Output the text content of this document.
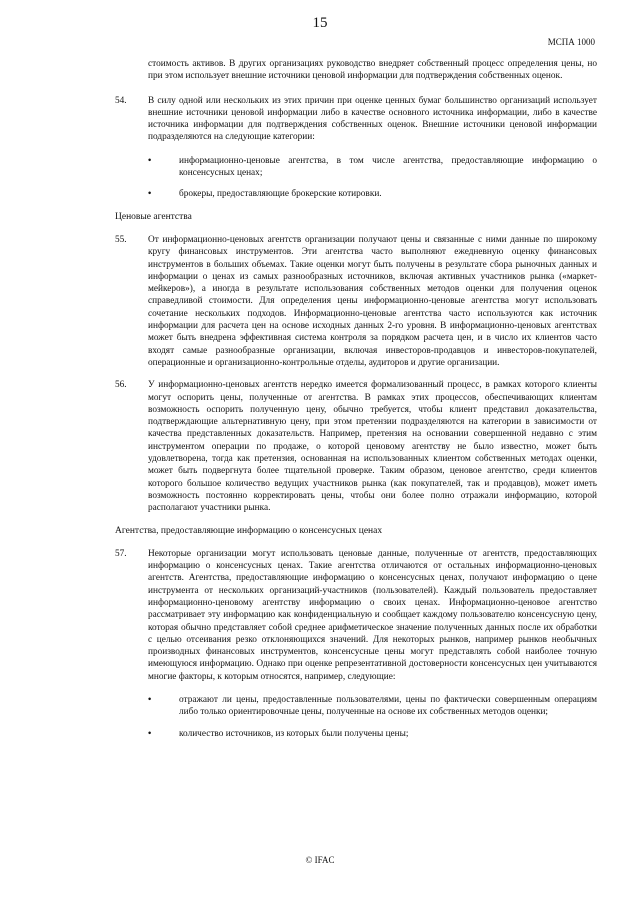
15
МСПА 1000

стоимость активов. В других организациях руководство внедряет собственный процесс определения цены, но при этом использует внешние источники ценовой информации для подтверждения собственных оценок.

54. В силу одной или нескольких из этих причин при оценке ценных бумаг большинство организаций использует внешние источники ценовой информации либо в качестве основного источника информации, либо в качестве источника информации для подтверждения собственных оценок. Внешние источники ценовой информации подразделяются на следующие категории:

•	информационно-ценовые агентства, в том числе агентства, предоставляющие информацию о консенсусных ценах;
•	брокеры, предоставляющие брокерские котировки.
Ценовые агентства
55. От информационно-ценовых агентств организации получают цены и связанные с ними данные по широкому кругу финансовых инструментов. Эти агентства часто выполняют ежедневную оценку финансовых инструментов в больших объемах. Такие оценки могут быть получены в результате сбора рыночных данных и информации о ценах из самых разнообразных источников, включая активных участников рынка («маркет-мейкеров»), а иногда в результате использования собственных методов оценки для получения оценок справедливой стоимости. Для определения цены информационно-ценовые агентства могут использовать сочетание нескольких подходов. Информационно-ценовые агентства часто используются как источник информации для расчета цен на основе исходных данных 2-го уровня. В информационно-ценовых агентствах может быть внедрена эффективная система контроля за порядком расчета цен, и в число их клиентов часто входят самые разнообразные организации, включая инвесторов-продавцов и инвесторов-покупателей, операционные и организационно-контрольные отделы, аудиторов и другие организации.

56. У информационно-ценовых агентств нередко имеется формализованный процесс, в рамках которого клиенты могут оспорить цены, полученные от агентства. В рамках этих процессов, обеспечивающих клиентам возможность оспорить полученную цену, обычно требуется, чтобы клиент представил доказательства, подтверждающие альтернативную цену, при этом претензии подразделяются на категории в зависимости от качества представленных доказательств. Например, претензия на основании совершенной недавно с этим инструментом операции по продаже, о которой ценовому агентству не было известно, может быть удовлетворена, тогда как претензия, основанная на использованных клиентом собственных методах оценки, может быть подвергнута более тщательной проверке. Таким образом, ценовое агентство, среди клиентов которого большое количество ведущих участников рынка (как покупателей, так и продавцов), может иметь возможность постоянно корректировать цены, чтобы они более полно отражали информацию, которой располагают участники рынка.

Агентства, предоставляющие информацию о консенсусных ценах
57. Некоторые организации могут использовать ценовые данные, полученные от агентств, предоставляющих информацию о консенсусных ценах. Такие агентства отличаются от остальных информационно-ценовых агентств. Агентства, предоставляющие информацию о консенсусных ценах, получают информацию о цене инструмента от нескольких организаций-участников (пользователей). Каждый пользователь предоставляет информационно-ценовому агентству информацию о своих ценах. Информационно-ценовое агентство рассматривает эту информацию как конфиденциальную и сообщает каждому пользователю консенсусную цену, которая обычно представляет собой среднее арифметическое значение полученных данных после их обработки с целью отсеивания резко отклоняющихся значений. Для некоторых рынков, например рынков необычных производных финансовых инструментов, консенсусные цены могут представлять собой наиболее точную имеющуюся информацию. Однако при оценке репрезентативной достоверности консенсусных цен учитываются многие факторы, к которым относятся, например, следующие:

•	отражают ли цены, предоставленные пользователями, цены по фактически совершенным операциям либо только ориентировочные цены, полученные на основе их собственных методов оценки;
•	количество источников, из которых были получены цены;
© IFAC
